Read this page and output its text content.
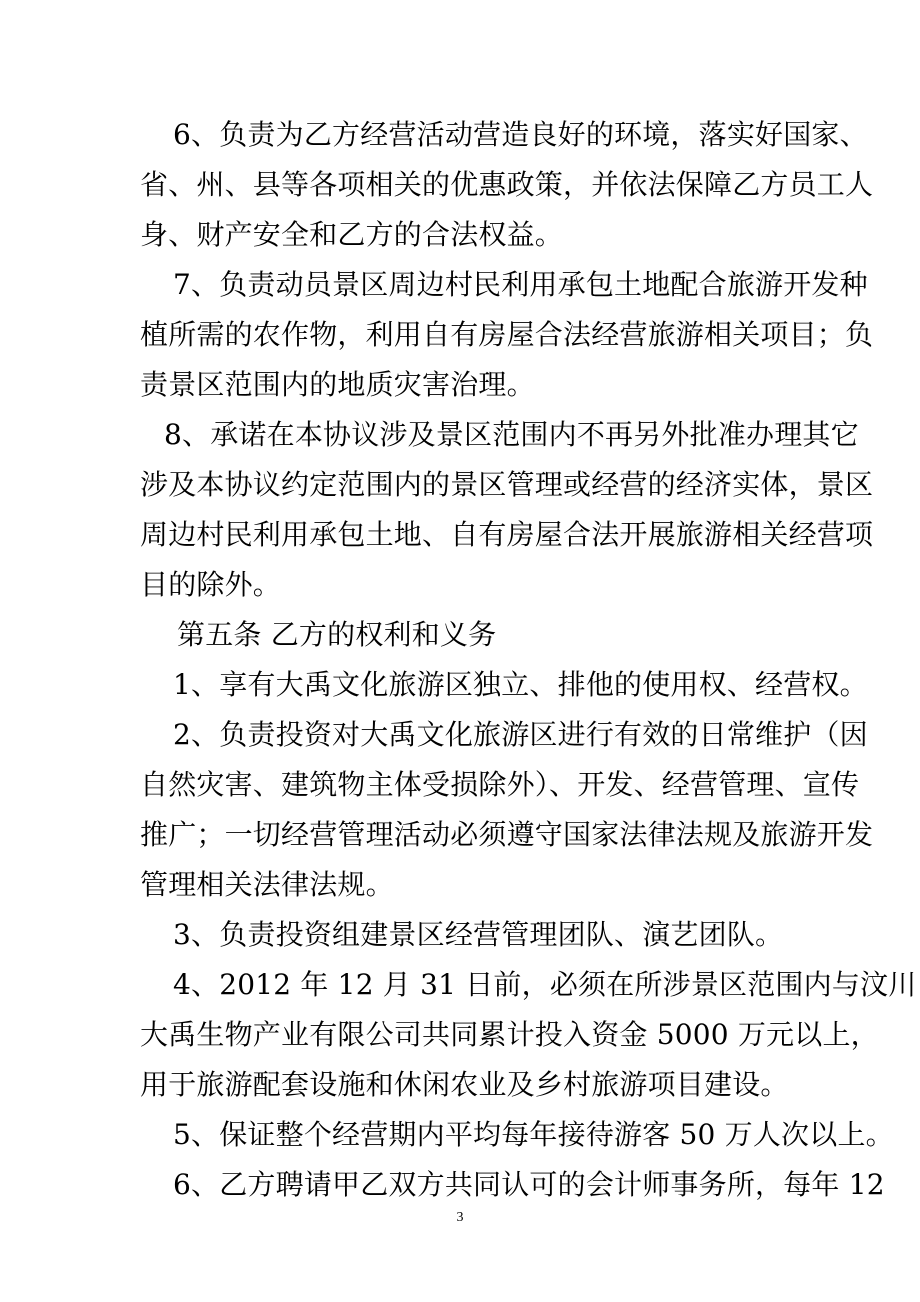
6、负责为乙方经营活动营造良好的环境，落实好国家、
省、州、县等各项相关的优惠政策，并依法保障乙方员工人
身、财产安全和乙方的合法权益。
7、负责动员景区周边村民利用承包土地配合旅游开发种
植所需的农作物，利用自有房屋合法经营旅游相关项目；负
责景区范围内的地质灾害治理。
8、承诺在本协议涉及景区范围内不再另外批准办理其它
涉及本协议约定范围内的景区管理或经营的经济实体，景区
周边村民利用承包土地、自有房屋合法开展旅游相关经营项
目的除外。
第五条 乙方的权利和义务
1、享有大禹文化旅游区独立、排他的使用权、经营权。
2、负责投资对大禹文化旅游区进行有效的日常维护（因
自然灾害、建筑物主体受损除外）、开发、经营管理、宣传
推广；一切经营管理活动必须遵守国家法律法规及旅游开发
管理相关法律法规。
3、负责投资组建景区经营管理团队、演艺团队。
4、2012 年 12 月 31 日前，必须在所涉景区范围内与汶川
大禹生物产业有限公司共同累计投入资金 5000 万元以上，
用于旅游配套设施和休闲农业及乡村旅游项目建设。
5、保证整个经营期内平均每年接待游客 50 万人次以上。
6、乙方聘请甲乙双方共同认可的会计师事务所，每年 12
3
